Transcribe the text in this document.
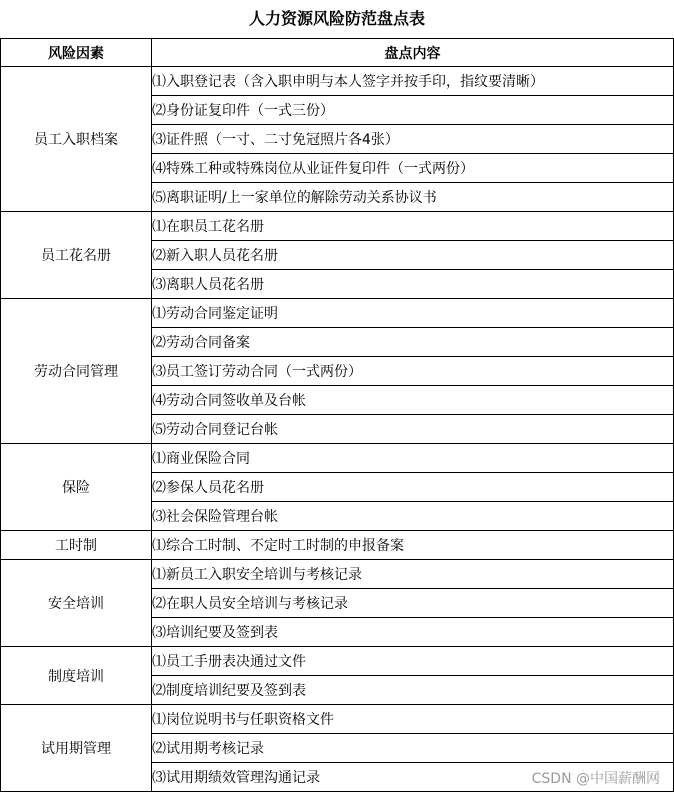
人力资源风险防范盘点表
风险因素	盘点内容
员工入职档案	⑴入职登记表（含入职申明与本人签字并按手印，指纹要清晰）
	⑵身份证复印件（一式三份）
	⑶证件照（一寸、二寸免冠照片各4张）
	⑷特殊工种或特殊岗位从业证件复印件（一式两份）
	⑸离职证明/上一家单位的解除劳动关系协议书
员工花名册	⑴在职员工花名册
	⑵新入职人员花名册
	⑶离职人员花名册
劳动合同管理	⑴劳动合同鉴定证明
	⑵劳动合同备案
	⑶员工签订劳动合同（一式两份）
	⑷劳动合同签收单及台帐
	⑸劳动合同登记台帐
保险	⑴商业保险合同
	⑵参保人员花名册
	⑶社会保险管理台帐
工时制	⑴综合工时制、不定时工时制的申报备案
安全培训	⑴新员工入职安全培训与考核记录
	⑵在职人员安全培训与考核记录
	⑶培训纪要及签到表
制度培训	⑴员工手册表决通过文件
	⑵制度培训纪要及签到表
试用期管理	⑴岗位说明书与任职资格文件
	⑵试用期考核记录
	⑶试用期绩效管理沟通记录	CSDN @中国薪酬网
